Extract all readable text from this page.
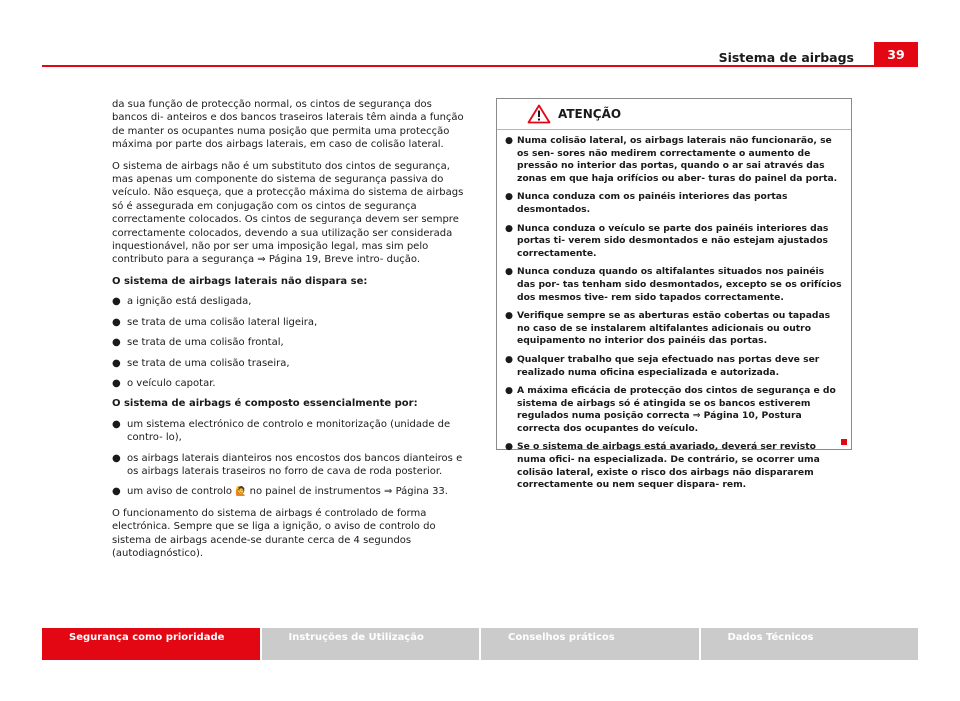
Sistema de airbags	39

da sua função de protecção normal, os cintos de segurança dos bancos di- anteiros e dos bancos traseiros laterais têm ainda a função de manter os ocupantes numa posição que permita uma protecção máxima por parte dos airbags laterais, em caso de colisão lateral.

O sistema de airbags não é um substituto dos cintos de segurança, mas apenas um componente do sistema de segurança passiva do veículo. Não esqueça, que a protecção máxima do sistema de airbags só é assegurada em conjugação com os cintos de segurança correctamente colocados. Os cintos de segurança devem ser sempre correctamente colocados, devendo a sua utilização ser considerada inquestionável, não por ser uma imposição legal, mas sim pelo contributo para a segurança ⇒ Página 19, Breve intro- dução.

O sistema de airbags laterais não dispara se:

● a ignição está desligada,
● se trata de uma colisão lateral ligeira,
● se trata de uma colisão frontal,
● se trata de uma colisão traseira,
● o veículo capotar.

O sistema de airbags é composto essencialmente por:

● um sistema electrónico de controlo e monitorização (unidade de contro- lo),
● os airbags laterais dianteiros nos encostos dos bancos dianteiros e os airbags laterais traseiros no forro de cava de roda posterior.
● um aviso de controlo 🙋 no painel de instrumentos ⇒ Página 33.

O funcionamento do sistema de airbags é controlado de forma electrónica. Sempre que se liga a ignição, o aviso de controlo do sistema de airbags acende-se durante cerca de 4 segundos (autodiagnóstico).

ATENÇÃO
● Numa colisão lateral, os airbags laterais não funcionarão, se os sen- sores não medirem correctamente o aumento de pressão no interior das portas, quando o ar sai através das zonas em que haja orifícios ou aber- turas do painel da porta.
● Nunca conduza com os painéis interiores das portas desmontados.
● Nunca conduza o veículo se parte dos painéis interiores das portas ti- verem sido desmontados e não estejam ajustados correctamente.
● Nunca conduza quando os altifalantes situados nos painéis das por- tas tenham sido desmontados, excepto se os orifícios dos mesmos tive- rem sido tapados correctamente.
● Verifique sempre se as aberturas estão cobertas ou tapadas no caso de se instalarem altifalantes adicionais ou outro equipamento no interior dos painéis das portas.
● Qualquer trabalho que seja efectuado nas portas deve ser realizado numa oficina especializada e autorizada.
● A máxima eficácia de protecção dos cintos de segurança e do sistema de airbags só é atingida se os bancos estiverem regulados numa posição correcta ⇒ Página 10, Postura correcta dos ocupantes do veículo.
● Se o sistema de airbags está avariado, deverá ser revisto numa ofici- na especializada. De contrário, se ocorrer uma colisão lateral, existe o risco dos airbags não dispararem correctamente ou nem sequer dispara- rem.
Segurança como prioridade	Instruções de Utilização	Conselhos práticos	Dados Técnicos
